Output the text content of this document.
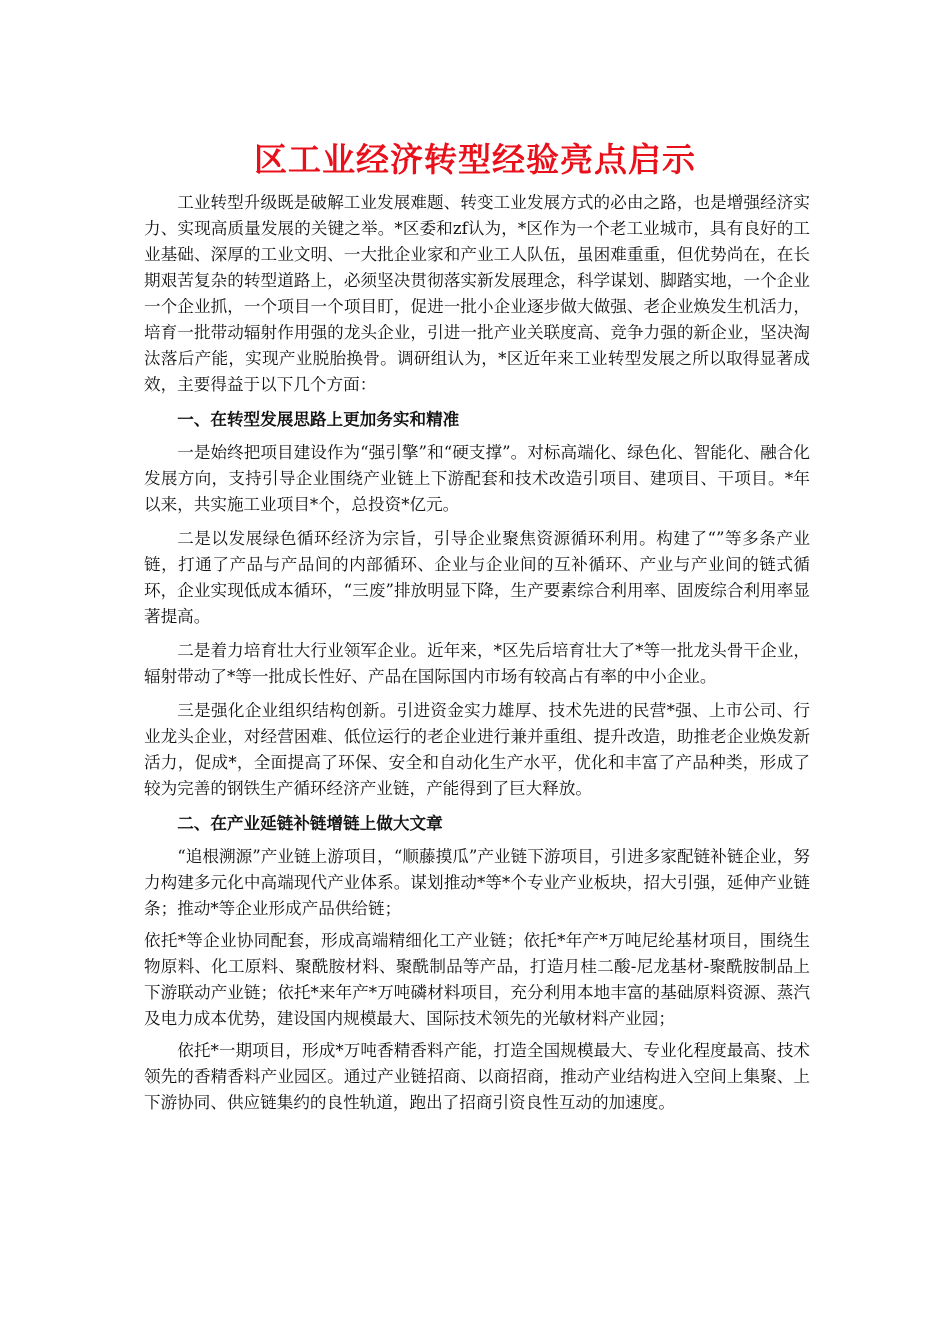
区工业经济转型经验亮点启示

工业转型升级既是破解工业发展难题、转变工业发展方式的必由之路，也是增强经济实力、实现高质量发展的关键之举。*区委和zf认为，*区作为一个老工业城市，具有良好的工业基础、深厚的工业文明、一大批企业家和产业工人队伍，虽困难重重，但优势尚在，在长期艰苦复杂的转型道路上，必须坚决贯彻落实新发展理念，科学谋划、脚踏实地，一个企业一个企业抓，一个项目一个项目盯，促进一批小企业逐步做大做强、老企业焕发生机活力，培育一批带动辐射作用强的龙头企业，引进一批产业关联度高、竞争力强的新企业，坚决淘汰落后产能，实现产业脱胎换骨。调研组认为，*区近年来工业转型发展之所以取得显著成效，主要得益于以下几个方面：

一、在转型发展思路上更加务实和精准

一是始终把项目建设作为“强引擎”和“硬支撑”。对标高端化、绿色化、智能化、融合化发展方向，支持引导企业围绕产业链上下游配套和技术改造引项目、建项目、干项目。*年以来，共实施工业项目*个，总投资*亿元。

二是以发展绿色循环经济为宗旨，引导企业聚焦资源循环利用。构建了“”等多条产业链，打通了产品与产品间的内部循环、企业与企业间的互补循环、产业与产业间的链式循环，企业实现低成本循环，“三废”排放明显下降，生产要素综合利用率、固废综合利用率显著提高。

二是着力培育壮大行业领军企业。近年来，*区先后培育壮大了*等一批龙头骨干企业，辐射带动了*等一批成长性好、产品在国际国内市场有较高占有率的中小企业。

三是强化企业组织结构创新。引进资金实力雄厚、技术先进的民营*强、上市公司、行业龙头企业，对经营困难、低位运行的老企业进行兼并重组、提升改造，助推老企业焕发新活力，促成*，全面提高了环保、安全和自动化生产水平，优化和丰富了产品种类，形成了较为完善的钢铁生产循环经济产业链，产能得到了巨大释放。

二、在产业延链补链增链上做大文章

“追根溯源”产业链上游项目，“顺藤摸瓜”产业链下游项目，引进多家配链补链企业，努力构建多元化中高端现代产业体系。谋划推动*等*个专业产业板块，招大引强，延伸产业链条；推动*等企业形成产品供给链；

依托*等企业协同配套，形成高端精细化工产业链；依托*年产*万吨尼纶基材项目，围绕生物原料、化工原料、聚酰胺材料、聚酰制品等产品，打造月桂二酸-尼龙基材-聚酰胺制品上下游联动产业链；依托*来年产*万吨磷材料项目，充分利用本地丰富的基础原料资源、蒸汽及电力成本优势，建设国内规模最大、国际技术领先的光敏材料产业园；

依托*一期项目，形成*万吨香精香料产能，打造全国规模最大、专业化程度最高、技术领先的香精香料产业园区。通过产业链招商、以商招商，推动产业结构进入空间上集聚、上下游协同、供应链集约的良性轨道，跑出了招商引资良性互动的加速度。
